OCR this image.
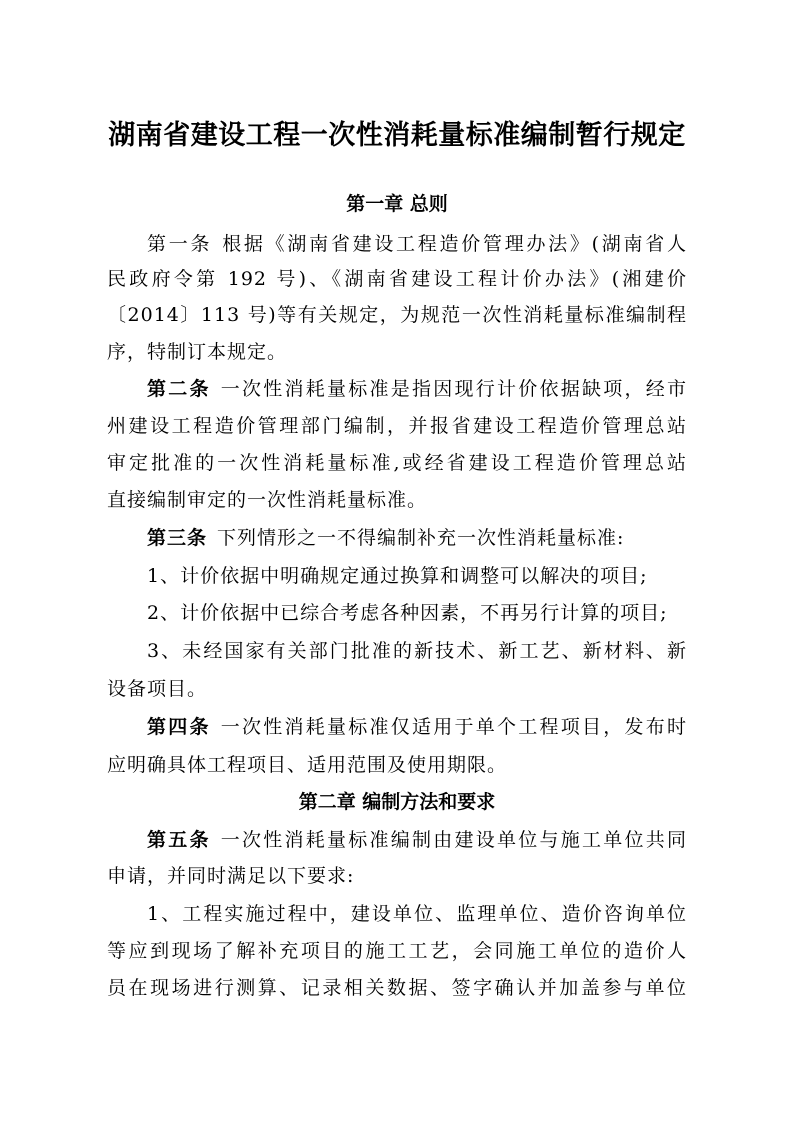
湖南省建设工程一次性消耗量标准编制暂行规定
第一章 总则
第一条 根据《湖南省建设工程造价管理办法》(湖南省人
民政府令第 192 号)、《湖南省建设工程计价办法》(湘建价
〔2014〕113 号)等有关规定，为规范一次性消耗量标准编制程
序，特制订本规定。
第二条 一次性消耗量标准是指因现行计价依据缺项，经市
州建设工程造价管理部门编制，并报省建设工程造价管理总站
审定批准的一次性消耗量标准,或经省建设工程造价管理总站
直接编制审定的一次性消耗量标准。
第三条 下列情形之一不得编制补充一次性消耗量标准:
1、计价依据中明确规定通过换算和调整可以解决的项目;
2、计价依据中已综合考虑各种因素，不再另行计算的项目;
3、未经国家有关部门批准的新技术、新工艺、新材料、新
设备项目。
第四条 一次性消耗量标准仅适用于单个工程项目，发布时
应明确具体工程项目、适用范围及使用期限。
第二章 编制方法和要求
第五条 一次性消耗量标准编制由建设单位与施工单位共同
申请，并同时满足以下要求:
1、工程实施过程中，建设单位、监理单位、造价咨询单位
等应到现场了解补充项目的施工工艺，会同施工单位的造价人
员在现场进行测算、记录相关数据、签字确认并加盖参与单位
